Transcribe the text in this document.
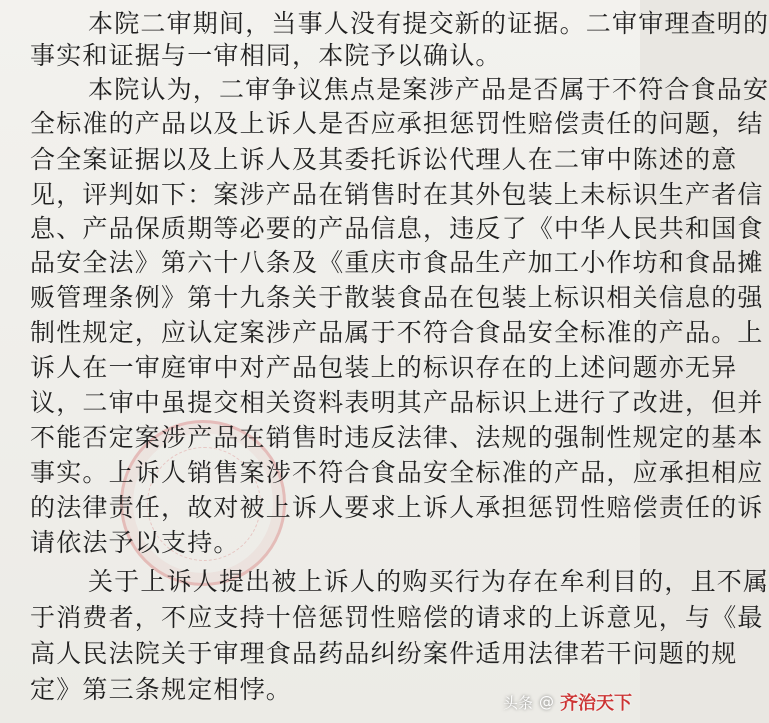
本院二审期间，当事人没有提交新的证据。二审审理查明的
事实和证据与一审相同，本院予以确认。
本院认为，二审争议焦点是案涉产品是否属于不符合食品安
全标准的产品以及上诉人是否应承担惩罚性赔偿责任的问题，结
合全案证据以及上诉人及其委托诉讼代理人在二审中陈述的意
见，评判如下：案涉产品在销售时在其外包装上未标识生产者信
息、产品保质期等必要的产品信息，违反了《中华人民共和国食
品安全法》第六十八条及《重庆市食品生产加工小作坊和食品摊
贩管理条例》第十九条关于散装食品在包装上标识相关信息的强
制性规定，应认定案涉产品属于不符合食品安全标准的产品。上
诉人在一审庭审中对产品包装上的标识存在的上述问题亦无异
议，二审中虽提交相关资料表明其产品标识上进行了改进，但并
不能否定案涉产品在销售时违反法律、法规的强制性规定的基本
事实。上诉人销售案涉不符合食品安全标准的产品，应承担相应
的法律责任，故对被上诉人要求上诉人承担惩罚性赔偿责任的诉
请依法予以支持。
关于上诉人提出被上诉人的购买行为存在牟利目的，且不属
于消费者，不应支持十倍惩罚性赔偿的请求的上诉意见，与《最
高人民法院关于审理食品药品纠纷案件适用法律若干问题的规
定》第三条规定相悖。	头条 @ 齐治天下
